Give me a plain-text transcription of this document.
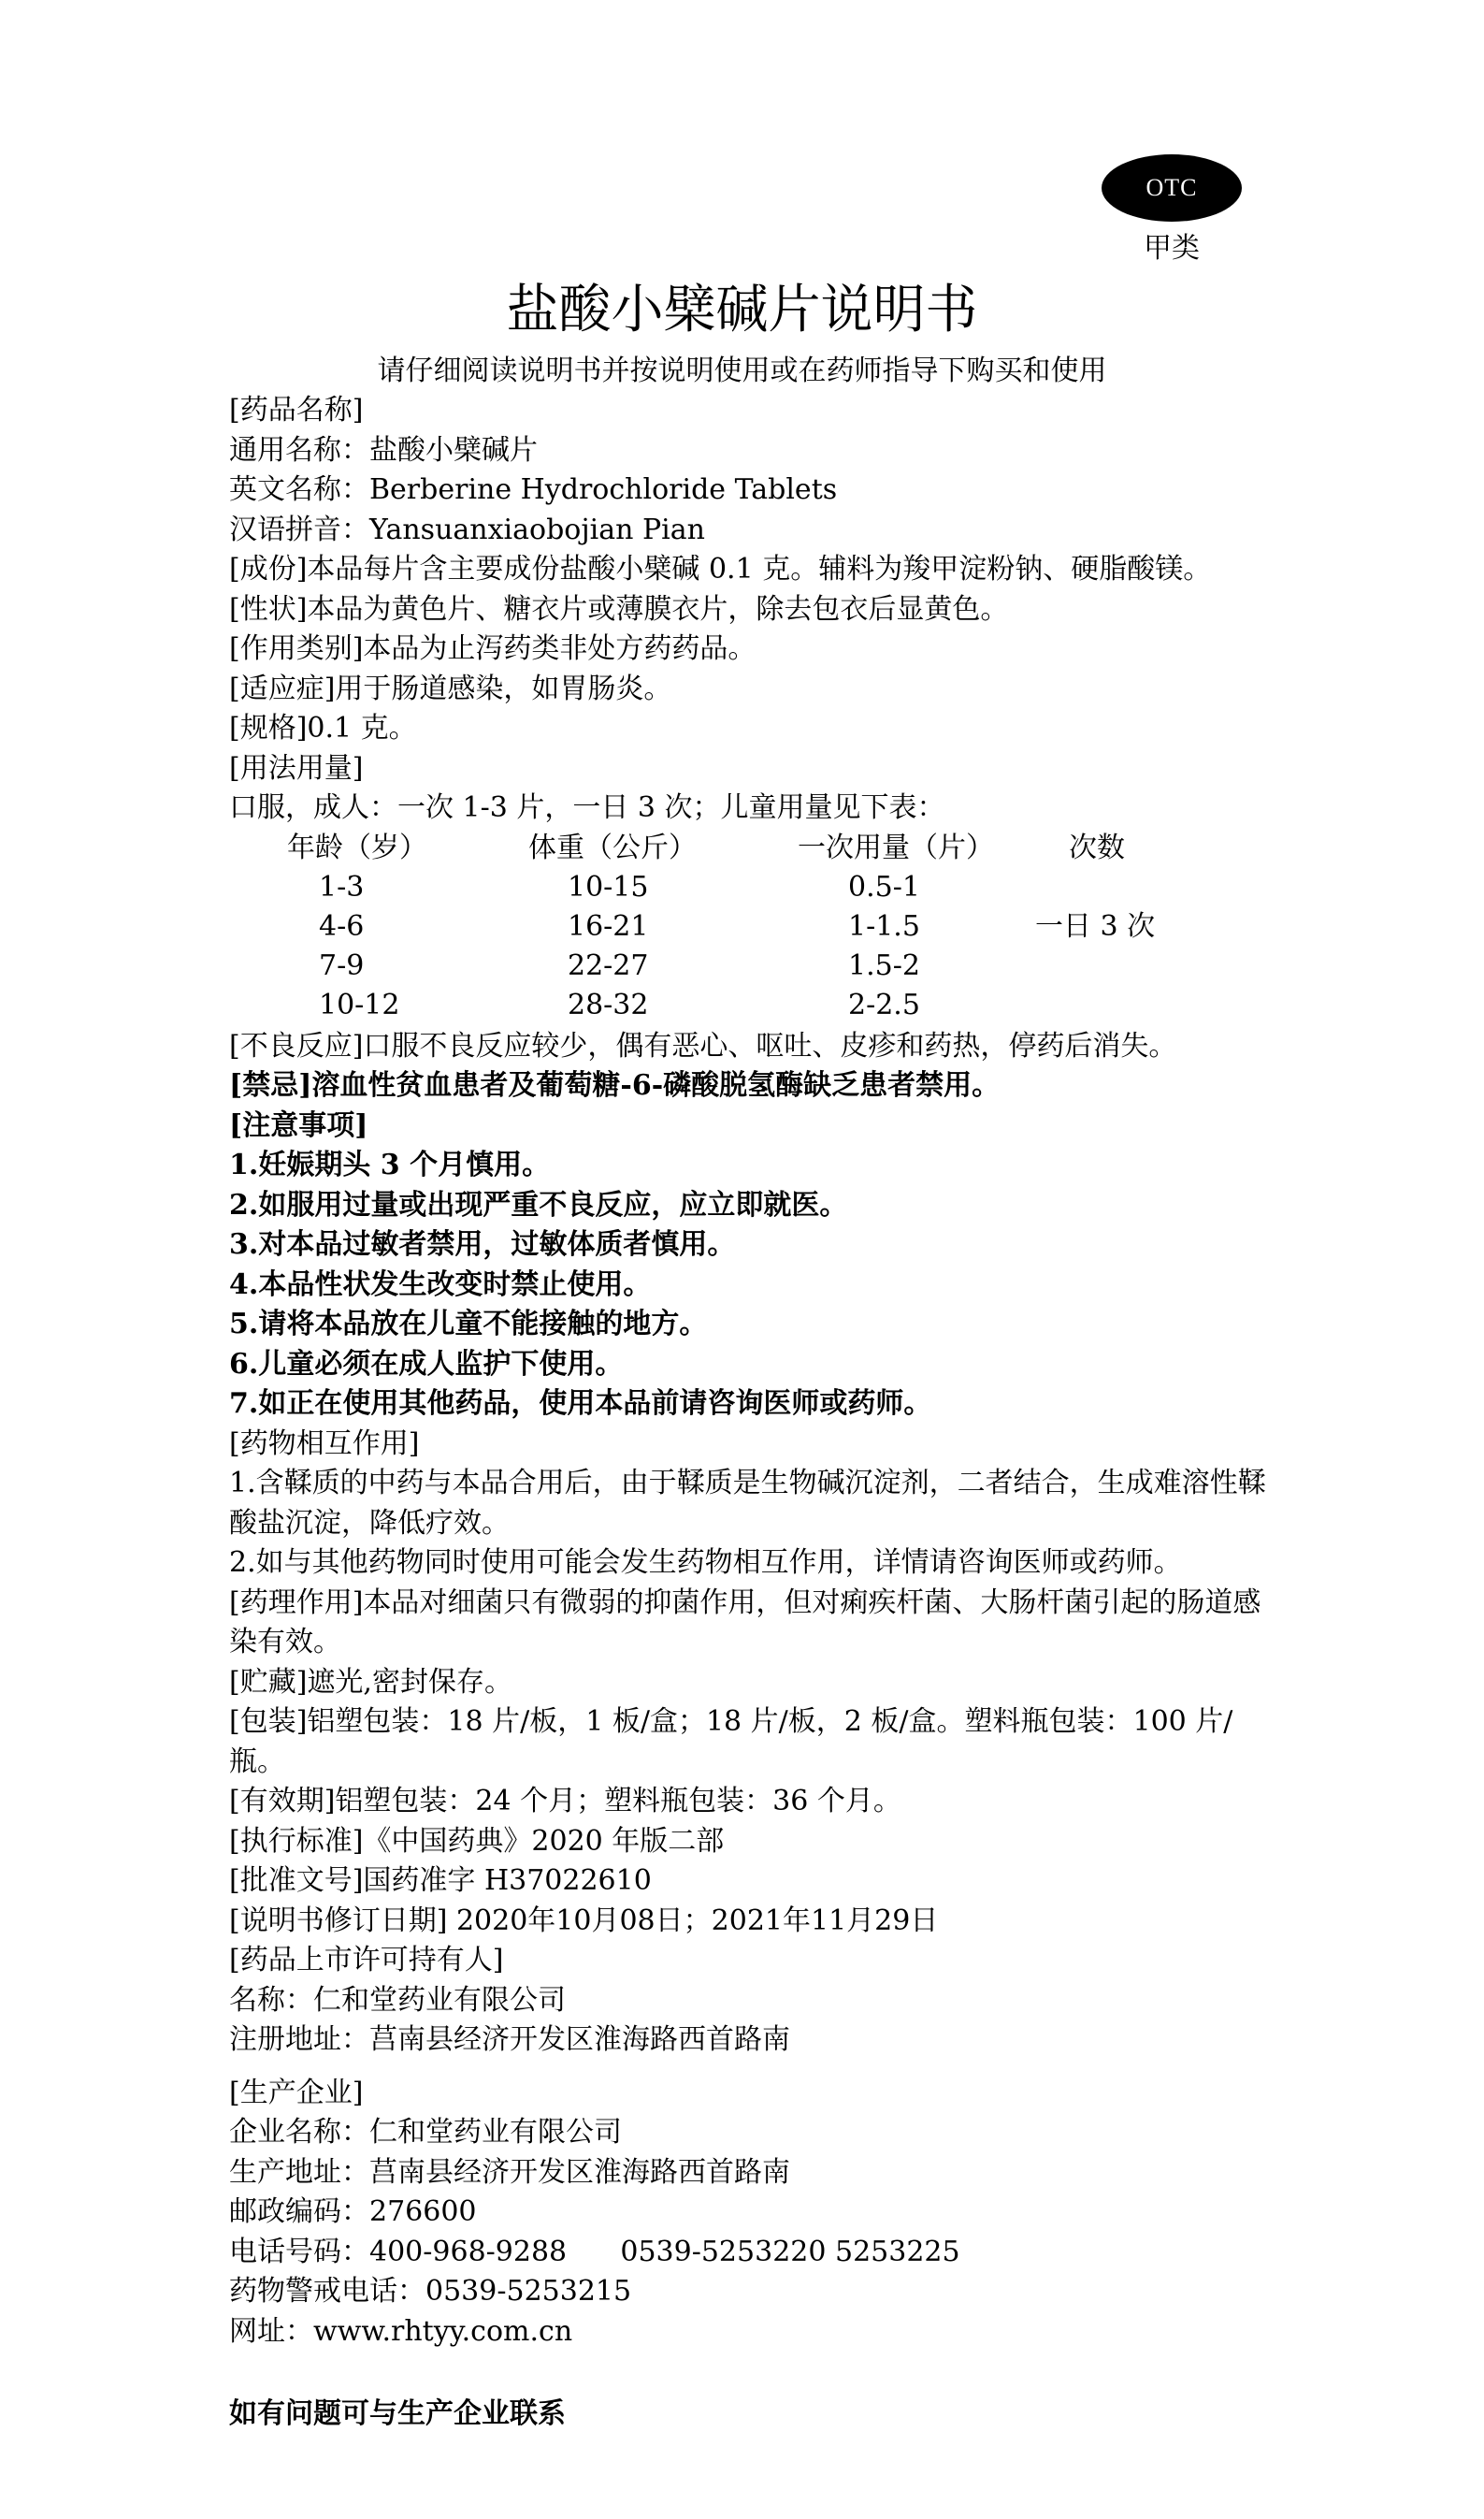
OTC
甲类
盐酸小檗碱片说明书
请仔细阅读说明书并按说明使用或在药师指导下购买和使用
[药品名称]
通用名称：盐酸小檗碱片
英文名称：Berberine Hydrochloride Tablets
汉语拼音：Yansuanxiaobojian Pian
[成份]本品每片含主要成份盐酸小檗碱 0.1 克。辅料为羧甲淀粉钠、硬脂酸镁。
[性状]本品为黄色片、糖衣片或薄膜衣片，除去包衣后显黄色。
[作用类别]本品为止泻药类非处方药药品。
[适应症]用于肠道感染，如胃肠炎。
[规格]0.1 克。
[用法用量]
口服，成人：一次 1-3 片，一日 3 次；儿童用量见下表：
年龄（岁）	体重（公斤）	一次用量（片）	次数
1-3	10-15	0.5-1
4-6	16-21	1-1.5	一日 3 次
7-9	22-27	1.5-2
10-12	28-32	2-2.5
[不良反应]口服不良反应较少，偶有恶心、呕吐、皮疹和药热，停药后消失。
[禁忌]溶血性贫血患者及葡萄糖-6-磷酸脱氢酶缺乏患者禁用。
[注意事项]
1.妊娠期头 3 个月慎用。
2.如服用过量或出现严重不良反应，应立即就医。
3.对本品过敏者禁用，过敏体质者慎用。
4.本品性状发生改变时禁止使用。
5.请将本品放在儿童不能接触的地方。
6.儿童必须在成人监护下使用。
7.如正在使用其他药品，使用本品前请咨询医师或药师。
[药物相互作用]
1.含鞣质的中药与本品合用后，由于鞣质是生物碱沉淀剂，二者结合，生成难溶性鞣酸盐沉淀，降低疗效。
2.如与其他药物同时使用可能会发生药物相互作用，详情请咨询医师或药师。
[药理作用]本品对细菌只有微弱的抑菌作用，但对痢疾杆菌、大肠杆菌引起的肠道感染有效。
[贮藏]遮光,密封保存。
[包装]铝塑包装：18 片/板，1 板/盒；18 片/板，2 板/盒。塑料瓶包装：100 片/瓶。
[有效期]铝塑包装：24 个月；塑料瓶包装：36 个月。
[执行标准]《中国药典》2020 年版二部
[批准文号]国药准字 H37022610
[说明书修订日期] 2020年10月08日；2021年11月29日
[药品上市许可持有人]
名称：仁和堂药业有限公司
注册地址：莒南县经济开发区淮海路西首路南
[生产企业]
企业名称：仁和堂药业有限公司
生产地址：莒南县经济开发区淮海路西首路南
邮政编码：276600
电话号码：400-968-9288      0539-5253220 5253225
药物警戒电话：0539-5253215
网址：www.rhtyy.com.cn
如有问题可与生产企业联系
